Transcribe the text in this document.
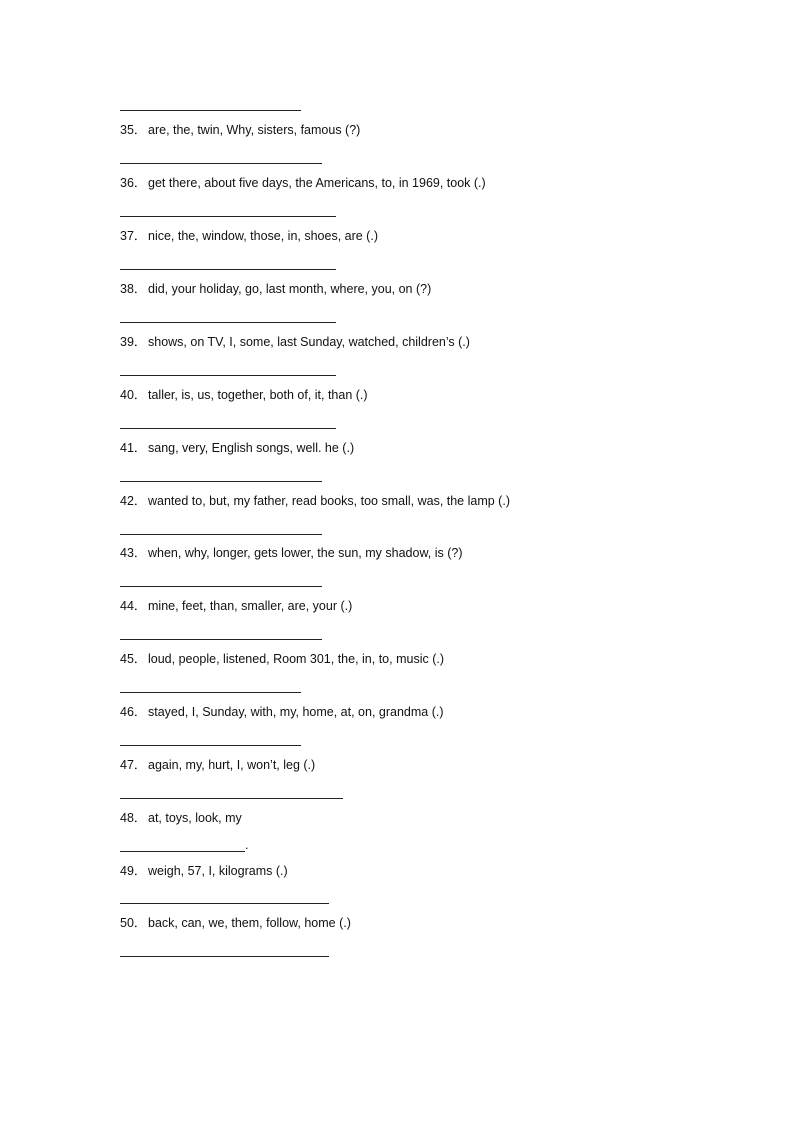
35． are, the, twin, Why, sisters, famous (?)
36． get there, about five days, the Americans, to, in 1969, took (.)
37． nice, the, window, those, in, shoes, are (.)
38． did, your holiday, go, last month, where, you, on (?)
39． shows, on TV, I, some, last Sunday, watched, children’s (.)
40． taller, is, us, together, both of, it, than (.)
41． sang, very, English songs, well. he (.)
42． wanted to, but, my father, read books, too small, was, the lamp (.)
43． when, why, longer, gets lower, the sun, my shadow, is (?)
44． mine, feet, than, smaller, are, your (.)
45． loud, people, listened, Room 301, the, in, to, music (.)
46． stayed, I, Sunday, with, my, home, at, on, grandma (.)
47． again, my, hurt, I, won’t, leg (.)
48． at, toys, look, my
.
49． weigh, 57, I, kilograms (.)
50． back, can, we, them, follow, home (.)
